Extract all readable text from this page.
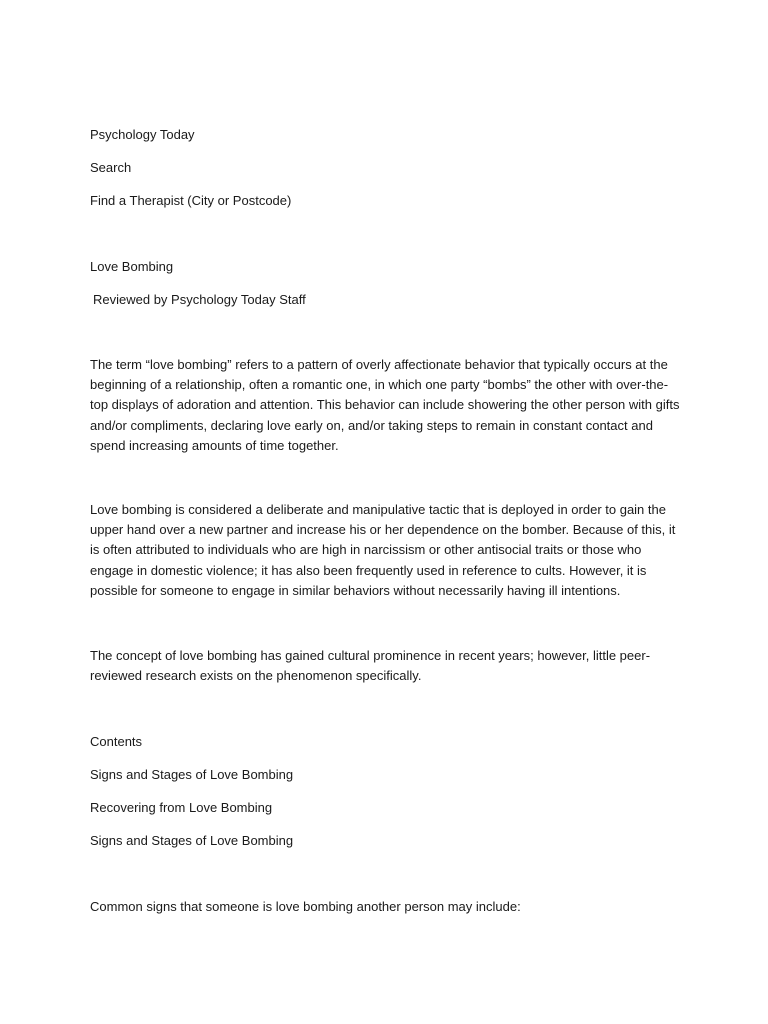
Psychology Today

Search

Find a Therapist (City or Postcode)

Love Bombing

Reviewed by Psychology Today Staff

The term “love bombing” refers to a pattern of overly affectionate behavior that typically occurs at the beginning of a relationship, often a romantic one, in which one party “bombs” the other with over-the-top displays of adoration and attention. This behavior can include showering the other person with gifts and/or compliments, declaring love early on, and/or taking steps to remain in constant contact and spend increasing amounts of time together.

Love bombing is considered a deliberate and manipulative tactic that is deployed in order to gain the upper hand over a new partner and increase his or her dependence on the bomber. Because of this, it is often attributed to individuals who are high in narcissism or other antisocial traits or those who engage in domestic violence; it has also been frequently used in reference to cults. However, it is possible for someone to engage in similar behaviors without necessarily having ill intentions.

The concept of love bombing has gained cultural prominence in recent years; however, little peer-reviewed research exists on the phenomenon specifically.

Contents

Signs and Stages of Love Bombing

Recovering from Love Bombing

Signs and Stages of Love Bombing

Common signs that someone is love bombing another person may include:
